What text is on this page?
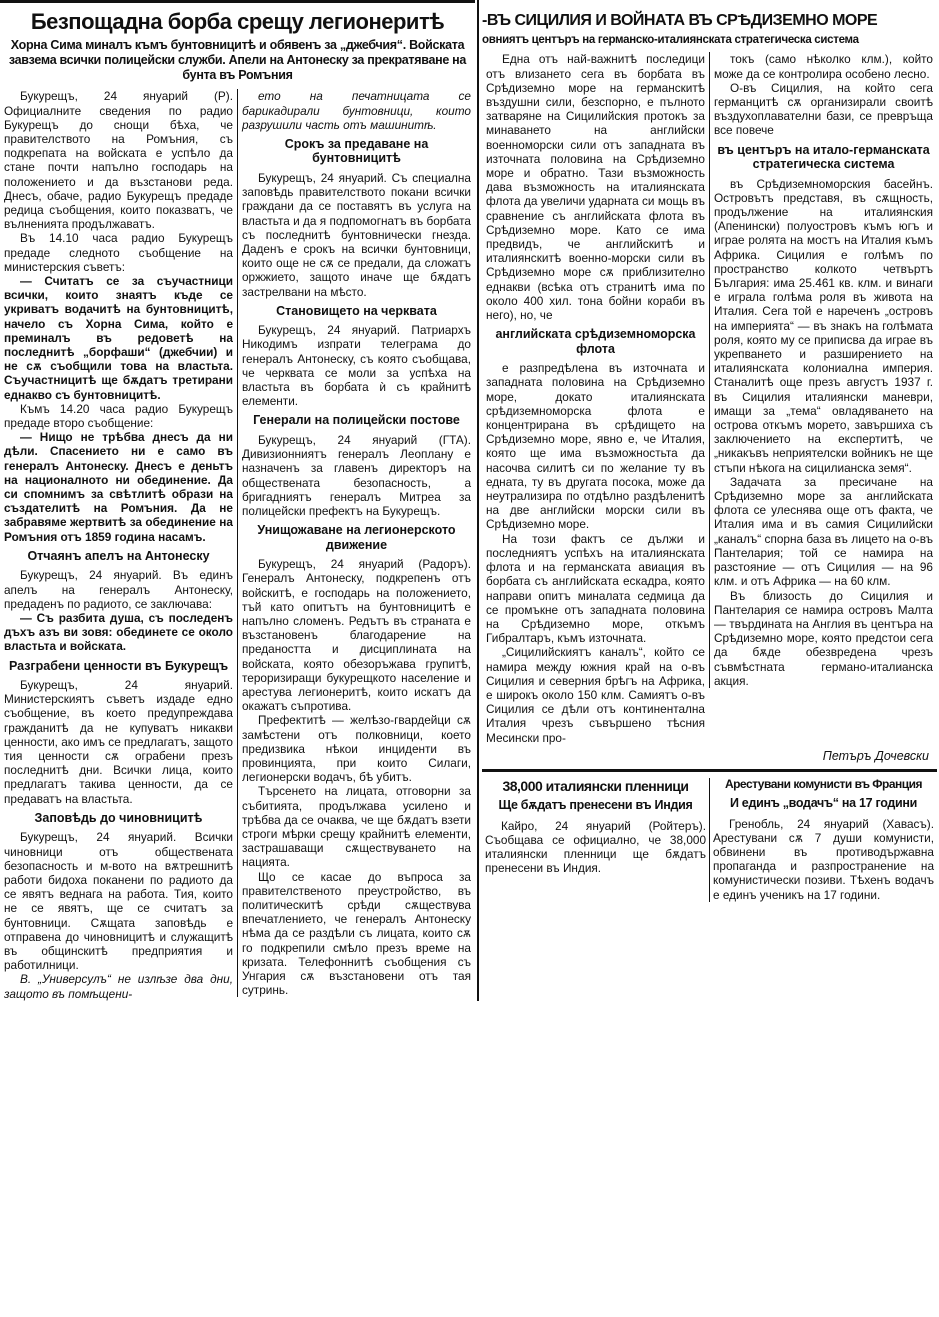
Безпощадна борба срещу легионеритѣ
Хорна Сима миналъ къмъ бунтовницитѣ и обявенъ за „джебчия“. Войската завзема всички полицейски служби. Апели на Антонеску за прекратяване на бунта въ Ромъния

Букурещъ, 24 януарий (Р). Официалните сведения по радио Букурещъ до снощи бѣха, че правителството на Ромъния, съ подкрепата на войската е успѣло да стане почти напълно господарь на положението и да възстанови реда. Днесъ, обаче, радио Букурещъ предаде редица съобщения, които показватъ, че вълненията продължаватъ.

Въ 14.10 часа радио Букурещъ предаде следното съобщение на министерския съветъ:

— Считатъ се за съучастници всички, които знаятъ къде се укриватъ водачитѣ на бунтовницитѣ, начело съ Хорна Сима, който е преминалъ въ редоветѣ на последнитѣ „борфаши“ (джебчии) и не сѫ съобщили това на властьта. Съучастницитѣ ще бѫдатъ третирани еднакво съ бунтовницитѣ.

Къмъ 14.20 часа радио Букурещъ предаде второ съобщение:

— Нищо не трѣбва днесъ да ни дѣли. Спасението ни е само въ генералъ Антонеску. Днесъ е деньтъ на националното ни обединение. Да си спомнимъ за свѣтлитѣ образи на създателитѣ на Ромъния. Да не забравяме жертвитѣ за обединение на Ромъния отъ 1859 година насамъ.

Отчаянъ апелъ на Антонеску

Букурещъ, 24 януарий. Въ единъ апелъ на генералъ Антонеску, предаденъ по радиото, се заключава:

— Съ разбита душа, съ последенъ дъхъ азъ ви зовя: обединете се около властьта и войската.

Разграбени ценности въ Букурещъ

Букурещъ, 24 януарий. Министерскиятъ съветъ издаде едно съобщение, въ което предупреждава гражданитѣ да не купуватъ никакви ценности, ако имъ се предлагатъ, защото тия ценности сѫ ограбени презъ последнитѣ дни. Всички лица, които предлагатъ такива ценности, да се предаватъ на властьта.

Заповѣдь до чиновницитѣ

Букурещъ, 24 януарий. Всички чиновници отъ обществената безопасность и м-вото на вѫтрешнитѣ работи бидоха поканени по радиото да се явятъ веднага на работа. Тия, които не се явятъ, ще се считатъ за бунтовници. Сѫщата заповѣдь е отправена до чиновницитѣ и служащитѣ въ общинскитѣ предприятия и работилници.

В. „Универсулъ“ не излѣзе два дни, защото въ помѣщени-

ето на печатницата се барикадирали бунтовници, които разрушили часть отъ машинитѣ.

Срокъ за предаване на бунтовницитѣ

Букурещъ, 24 януарий. Съ специална заповѣдь правителството покани всички граждани да се поставятъ въ услуга на властьта и да я подпомогнатъ въ борбата съ последнитѣ бунтовнически гнезда. Даденъ е срокъ на всички бунтовници, които още не сѫ се предали, да сложатъ оржжието, защото иначе ще бѫдатъ застрелвани на мѣсто.

Становището на черквата

Букурещъ, 24 януарий. Патриархъ Никодимъ изпрати телеграма до генералъ Антонеску, съ която съобщава, че черквата се моли за успѣха на властьта въ борбата ѝ съ крайнитѣ елементи.

Генерали на полицейски постове

Букурещъ, 24 януарий (ГТА). Дивизионниятъ генералъ Леоплану е назначенъ за главенъ директоръ на обществената безопасность, а бригадниятъ генералъ Митреа за полицейски префектъ на Букурещъ.

Унищожаване на легионерското движение

Букурещъ, 24 януарий (Радоръ). Генералъ Антонеску, подкрепенъ отъ войскитѣ, е господарь на положението, тъй като опитътъ на бунтовницитѣ е напълно сломенъ. Редътъ въ страната е възстановенъ благодарение на предаността и дисциплината на войската, която обезоръжава групитѣ, тероризиращи букурещкото население и арестува легионеритѣ, които искатъ да окажатъ съпротива.

Префектитѣ — желѣзо-гвардейци сѫ замѣстени отъ полковници, което предизвика нѣкои инциденти въ провинцията, при които Силаги, легионерски водачъ, бѣ убитъ.

Търсенето на лицата, отговорни за събитията, продължава усилено и трѣбва да се очаква, че ще бѫдатъ взети строги мѣрки срещу крайнитѣ елементи, застрашаващи сѫществуването на нацията.

Що се касае до въпроса за правителственото преустройство, въ политическитѣ срѣди сѫществува впечатлението, че генералъ Антонеску нѣма да се раздѣли съ лицата, които сѫ го подкрепили смѣло презъ време на кризата. Телефоннитѣ съобщения съ Унгария сѫ възстановени отъ тая сутринь.

-ВЪ СИЦИЛИЯ И ВОЙНАТА ВЪ СРѢДИЗЕМНО МОРЕ
овниятъ центъръ на германско-италиянската стратегическа система

Една отъ най-важнитѣ последици отъ влизането сега въ борбата въ Срѣдиземно море на германскитѣ въздушни сили, безспорно, е пълното затваряне на Сицилийския протокъ за минаването на английски военноморски сили отъ западната въ източната половина на Срѣдиземно море и обратно. Тази възможность дава възможность на италиянската флота да увеличи ударната си мощь въ сравнение съ английската флота въ Срѣдиземно море. Като се има предвидъ, че английскитѣ и италиянскитѣ военно-морски сили въ Срѣдиземно море сѫ приблизително еднакви (всѣка отъ странитѣ има по около 400 хил. тона бойни кораби въ него), но, че

английската срѣдиземноморска флота

е разпредѣлена въ източната и западната половина на Срѣдиземно море, докато италиянската срѣдиземноморска флота е концентрирана въ срѣдището на Срѣдиземно море, явно е, че Италия, която ще има възможностьта да насочва силитѣ си по желание ту въ едната, ту въ другата посока, може да неутрализира по отдѣлно раздѣленитѣ на две английски морски сили въ Срѣдиземно море.

На този фактъ се дължи и последниятъ успѣхъ на италиянската флота и на германската авиация въ борбата съ английската ескадра, която направи опитъ миналата седмица да се промъкне отъ западната половина на Срѣдиземно море, откъмъ Гибралтаръ, къмъ източната.

„Сицилийскиятъ каналъ“, който се намира между южния край на о-въ Сицилия и северния брѣгъ на Африка, е широкъ около 150 клм. Самиятъ о-въ Сицилия се дѣли отъ континентална Италия чрезъ съвършено тѣсния Месински про-

токъ (само нѣколко клм.), който може да се контролира особено лесно.

О-въ Сицилия, на който сега германцитѣ сѫ организирали своитѣ въздухоплавателни бази, се превръща все повече

въ центъръ на итало-германската стратегическа система

въ Срѣдиземноморския басейнъ. Островътъ представя, въ сѫщность, продължение на италиянския (Апенински) полуостровъ къмъ югъ и играе ролята на мостъ на Италия къмъ Африка. Сицилия е голѣмъ по пространство колкото четвъртъ България: има 25.461 кв. клм. и винаги е играла голѣма роля въ живота на Италия. Сега той е нареченъ „островъ на империята“ — въ знакъ на голѣмата роля, която му се приписва да играе въ укрепването и разширението на италиянската колониална империя. Станалитѣ още презъ августъ 1937 г. въ Сицилия италиянски маневри, имащи за „тема“ овладяването на острова откъмъ морето, завършиха съ заключението на експертитѣ, че „никакъвъ неприятелски войникъ не ще стъпи нѣкога на сицилианска земя“.

Задачата за пресичане на Срѣдиземно море за английската флота се улеснява още отъ факта, че Италия има и въ самия Сицилийски „каналъ“ спорна база въ лицето на о-въ Пантелария; той се намира на разстояние — отъ Сицилия — на 96 клм. и отъ Африка — на 60 клм.

Въ близость до Сицилия и Пантелария се намира островъ Малта — твърдината на Англия въ центъра на Срѣдиземно море, която предстои сега да бѫде обезвредена чрезъ съвмѣстната германо-италианска акция.

Петъръ Дочевски
38,000 италиянски пленници
Ще бѫдатъ пренесени въ Индия

Кайро, 24 януарий (Ройтеръ). Съобщава се официално, че 38,000 италиянски пленници ще бѫдатъ пренесени въ Индия.

Арестувани комунисти въ Франция
И единъ „водачъ“ на 17 години

Гренобль, 24 януарий (Хавасъ). Арестувани сѫ 7 души комунисти, обвинени въ противодържавна пропаганда и разпространение на комунистически позиви. Тѣхенъ водачъ е единъ ученикъ на 17 години.
